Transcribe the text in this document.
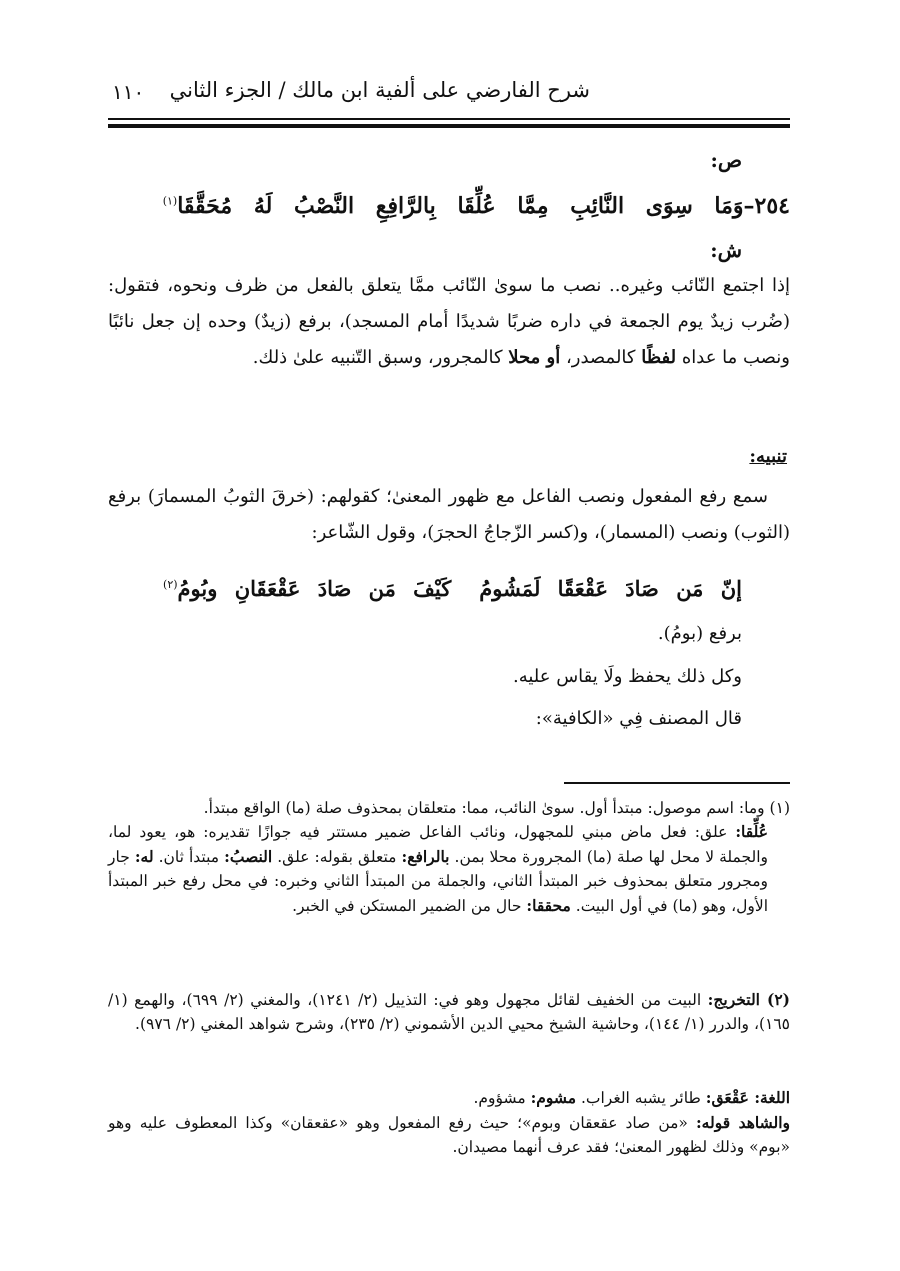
شرح الفارضي على ألفية ابن مالك / الجزء الثاني
١١٠
ص:
٢٥٤–وَمَا سِوَى النَّائِبِ مِمَّا عُلِّقَا بِالرَّافِعِ النَّصْبُ لَهُ مُحَقَّقَا$^{(١)}$
ش:
إذا اجتمع النّائب وغيره.. نصب ما سوىٰ النّائب ممَّا يتعلق بالفعل من ظرف ونحوه، فتقول: (ضُرب زيدٌ يوم الجمعة في داره ضربًا شديدًا أمام المسجد)، برفع (زيدٌ) وحده إن جعل نائبًا ونصب ما عداه لفظًا كالمصدر، أو محلا كالمجرور، وسبق التّنبيه علىٰ ذلك.
تنبيه:
سمع رفع المفعول ونصب الفاعل مع ظهور المعنىٰ؛ كقولهم: (خرقَ الثوبُ المسمارَ) برفع (الثوب) ونصب (المسمار)، و(كسر الزّجاجُ الحجرَ)، وقول الشّاعر:
إنّ مَن صَادَ عَقْعَقًا لَمَشُومُكَيْفَ مَن صَادَ عَقْعَقَانِ وبُومُ$^{(٢)}$
برفع (بومُ).
وكل ذلك يحفظ ولَا يقاس عليه.
قال المصنف فِي «الكافية»:
(١) وما: اسم موصول: مبتدأ أول. سوىٰ النائب، مما: متعلقان بمحذوف صلة (ما) الواقع مبتدأ.
عُلِّقا: علق: فعل ماض مبني للمجهول، ونائب الفاعل ضمير مستتر فيه جوازًا تقديره: هو، يعود لما، والجملة لا محل لها صلة (ما) المجرورة محلا بمن. بالرافع: متعلق بقوله: علق. النصبُ: مبتدأ ثان. له: جار ومجرور متعلق بمحذوف خبر المبتدأ الثاني، والجملة من المبتدأ الثاني وخبره: في محل رفع خبر المبتدأ الأول، وهو (ما) في أول البيت. محققا: حال من الضمير المستكن في الخبر.
(٢) التخريج: البيت من الخفيف لقائل مجهول وهو في: التذييل (٢/ ١٢٤١)، والمغني (٢/ ٦٩٩)، والهمع (١/ ١٦٥)، والدرر (١/ ١٤٤)، وحاشية الشيخ محيي الدين الأشموني (٢/ ٢٣٥)، وشرح شواهد المغني (٢/ ٩٧٦).
اللغة: عَقْعَق: طائر يشبه الغراب. مشوم: مشؤوم.
والشاهد قوله: «من صاد عقعقان وبوم»؛ حيث رفع المفعول وهو «عقعقان» وكذا المعطوف عليه وهو «بوم» وذلك لظهور المعنىٰ؛ فقد عرف أنهما مصيدان.
